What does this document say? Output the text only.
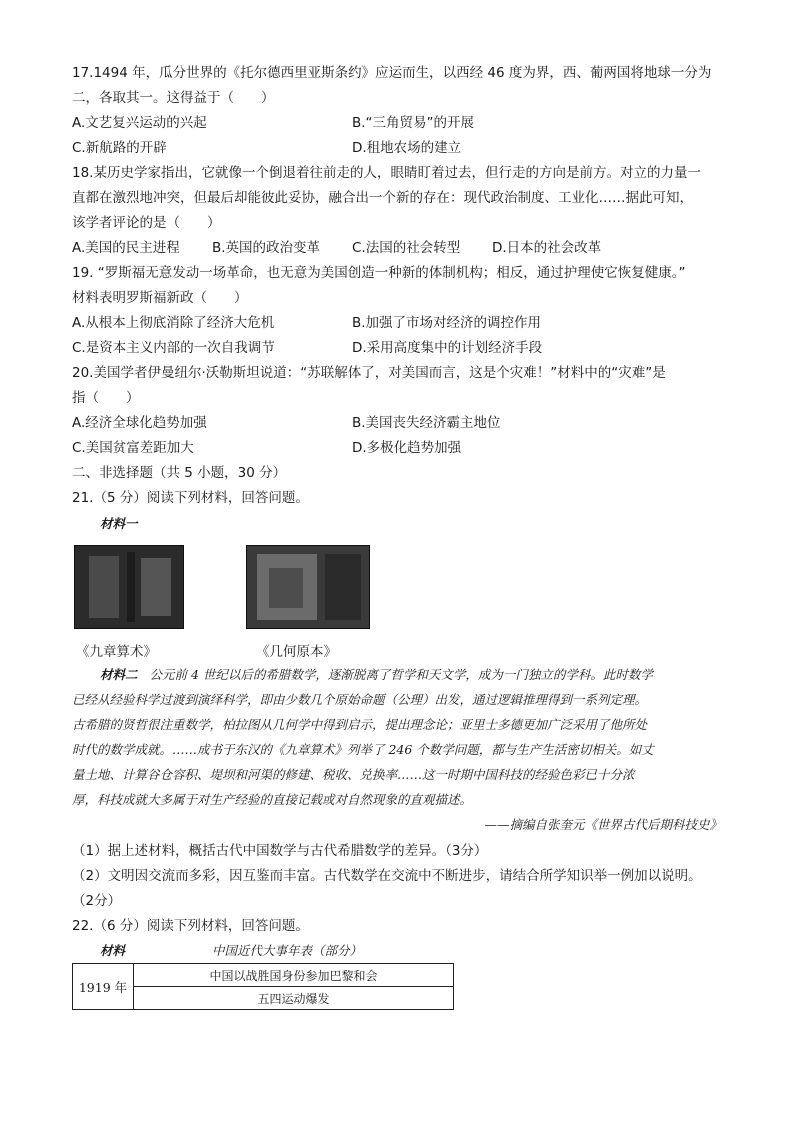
17.1494 年，瓜分世界的《托尔德西里亚斯条约》应运而生，以西经 46 度为界，西、葡两国将地球一分为
二，各取其一。这得益于（　　）
A.文艺复兴运动的兴起	B.“三角贸易”的开展
C.新航路的开辟	D.租地农场的建立
18.某历史学家指出，它就像一个倒退着往前走的人，眼睛盯着过去，但行走的方向是前方。对立的力量一
直都在激烈地冲突，但最后却能彼此妥协，融合出一个新的存在：现代政治制度、工业化……据此可知，
该学者评论的是（　　）
A.美国的民主进程 B.英国的政治变革 C.法国的社会转型 D.日本的社会改革
19. “罗斯福无意发动一场革命，也无意为美国创造一种新的体制机构；相反，通过护理使它恢复健康。”
材料表明罗斯福新政（　　）
A.从根本上彻底消除了经济大危机	B.加强了市场对经济的调控作用
C.是资本主义内部的一次自我调节	D.采用高度集中的计划经济手段
20.美国学者伊曼纽尔·沃勒斯坦说道：“苏联解体了，对美国而言，这是个灾难！”材料中的“灾难”是
指（　　）
A.经济全球化趋势加强	B.美国丧失经济霸主地位
C.美国贫富差距加大	D.多极化趋势加强
二、非选择题（共 5 小题，30 分）
21.（5 分）阅读下列材料，回答问题。
材料一
《九章算术》	《几何原本》
材料二 公元前 4 世纪以后的希腊数学，逐渐脱离了哲学和天文学，成为一门独立的学科。此时数学
已经从经验科学过渡到演绎科学，即由少数几个原始命题（公理）出发，通过逻辑推理得到一系列定理。
古希腊的贤哲很注重数学，柏拉图从几何学中得到启示，提出理念论；亚里士多德更加广泛采用了他所处
时代的数学成就。……成书于东汉的《九章算术》列举了 246 个数学问题，都与生产生活密切相关。如丈
量土地、计算谷仓容积、堤坝和河渠的修建、税收、兑换率……这一时期中国科技的经验色彩已十分浓
厚，科技成就大多属于对生产经验的直接记载或对自然现象的直观描述。
——摘编自张奎元《世界古代后期科技史》
（1）据上述材料，概括古代中国数学与古代希腊数学的差异。（3分）
（2）文明因交流而多彩，因互鉴而丰富。古代数学在交流中不断进步，请结合所学知识举一例加以说明。
（2分）
22.（6 分）阅读下列材料，回答问题。
材料	中国近代大事年表（部分）
1919 年	中国以战胜国身份参加巴黎和会
五四运动爆发
